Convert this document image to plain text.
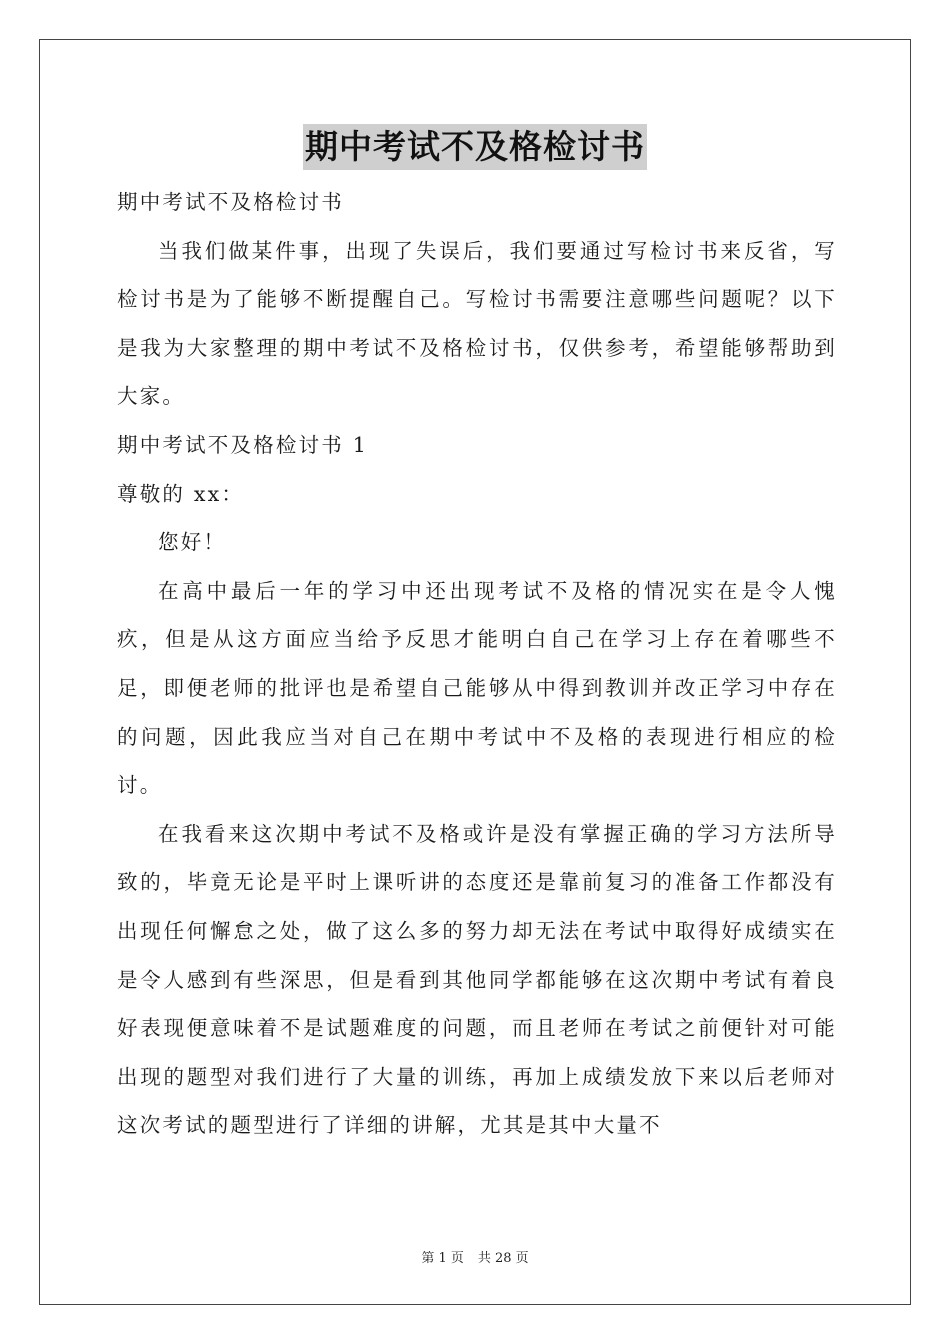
期中考试不及格检讨书

期中考试不及格检讨书

当我们做某件事，出现了失误后，我们要通过写检讨书来反省，写检讨书是为了能够不断提醒自己。写检讨书需要注意哪些问题呢？以下是我为大家整理的期中考试不及格检讨书，仅供参考，希望能够帮助到大家。

期中考试不及格检讨书 1

尊敬的 xx：

您好！

在高中最后一年的学习中还出现考试不及格的情况实在是令人愧疚，但是从这方面应当给予反思才能明白自己在学习上存在着哪些不足，即便老师的批评也是希望自己能够从中得到教训并改正学习中存在的问题，因此我应当对自己在期中考试中不及格的表现进行相应的检讨。

在我看来这次期中考试不及格或许是没有掌握正确的学习方法所导致的，毕竟无论是平时上课听讲的态度还是靠前复习的准备工作都没有出现任何懈怠之处，做了这么多的努力却无法在考试中取得好成绩实在是令人感到有些深思，但是看到其他同学都能够在这次期中考试有着良好表现便意味着不是试题难度的问题，而且老师在考试之前便针对可能出现的题型对我们进行了大量的训练，再加上成绩发放下来以后老师对这次考试的题型进行了详细的讲解，尤其是其中大量不

第 1 页 共 28 页
